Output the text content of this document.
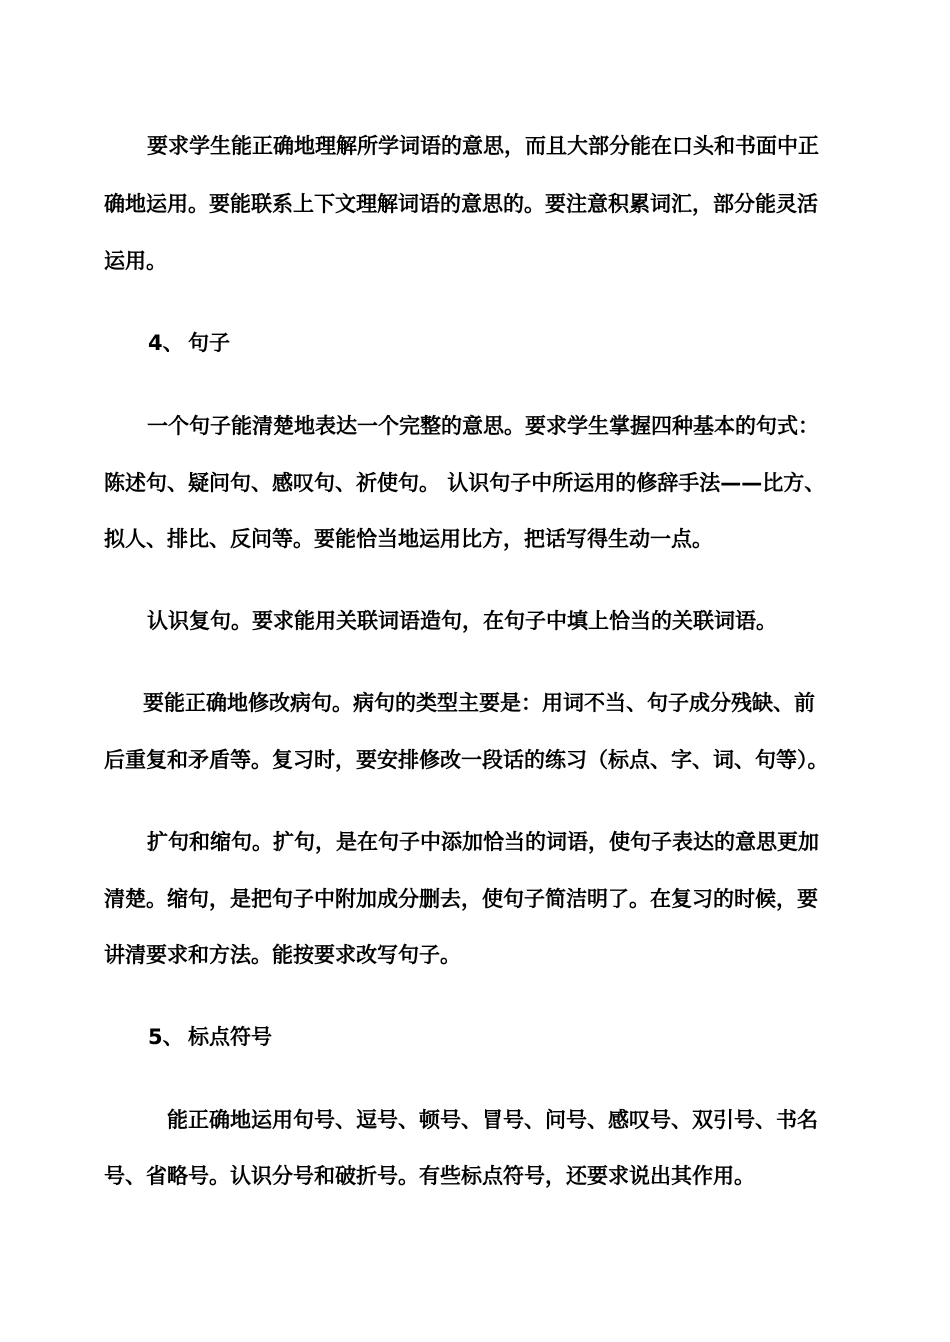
要求学生能正确地理解所学词语的意思，而且大部分能在口头和书面中正
确地运用。要能联系上下文理解词语的意思的。要注意积累词汇，部分能灵活
运用。
4、 句子
一个句子能清楚地表达一个完整的意思。要求学生掌握四种基本的句式：
陈述句、疑问句、感叹句、祈使句。 认识句子中所运用的修辞手法——比方、
拟人、排比、反问等。要能恰当地运用比方，把话写得生动一点。
认识复句。要求能用关联词语造句，在句子中填上恰当的关联词语。
要能正确地修改病句。病句的类型主要是：用词不当、句子成分残缺、前
后重复和矛盾等。复习时，要安排修改一段话的练习（标点、字、词、句等）。
扩句和缩句。扩句，是在句子中添加恰当的词语，使句子表达的意思更加
清楚。缩句，是把句子中附加成分删去，使句子简洁明了。在复习的时候，要
讲清要求和方法。能按要求改写句子。
5、 标点符号
能正确地运用句号、逗号、顿号、冒号、问号、感叹号、双引号、书名
号、省略号。认识分号和破折号。有些标点符号，还要求说出其作用。
